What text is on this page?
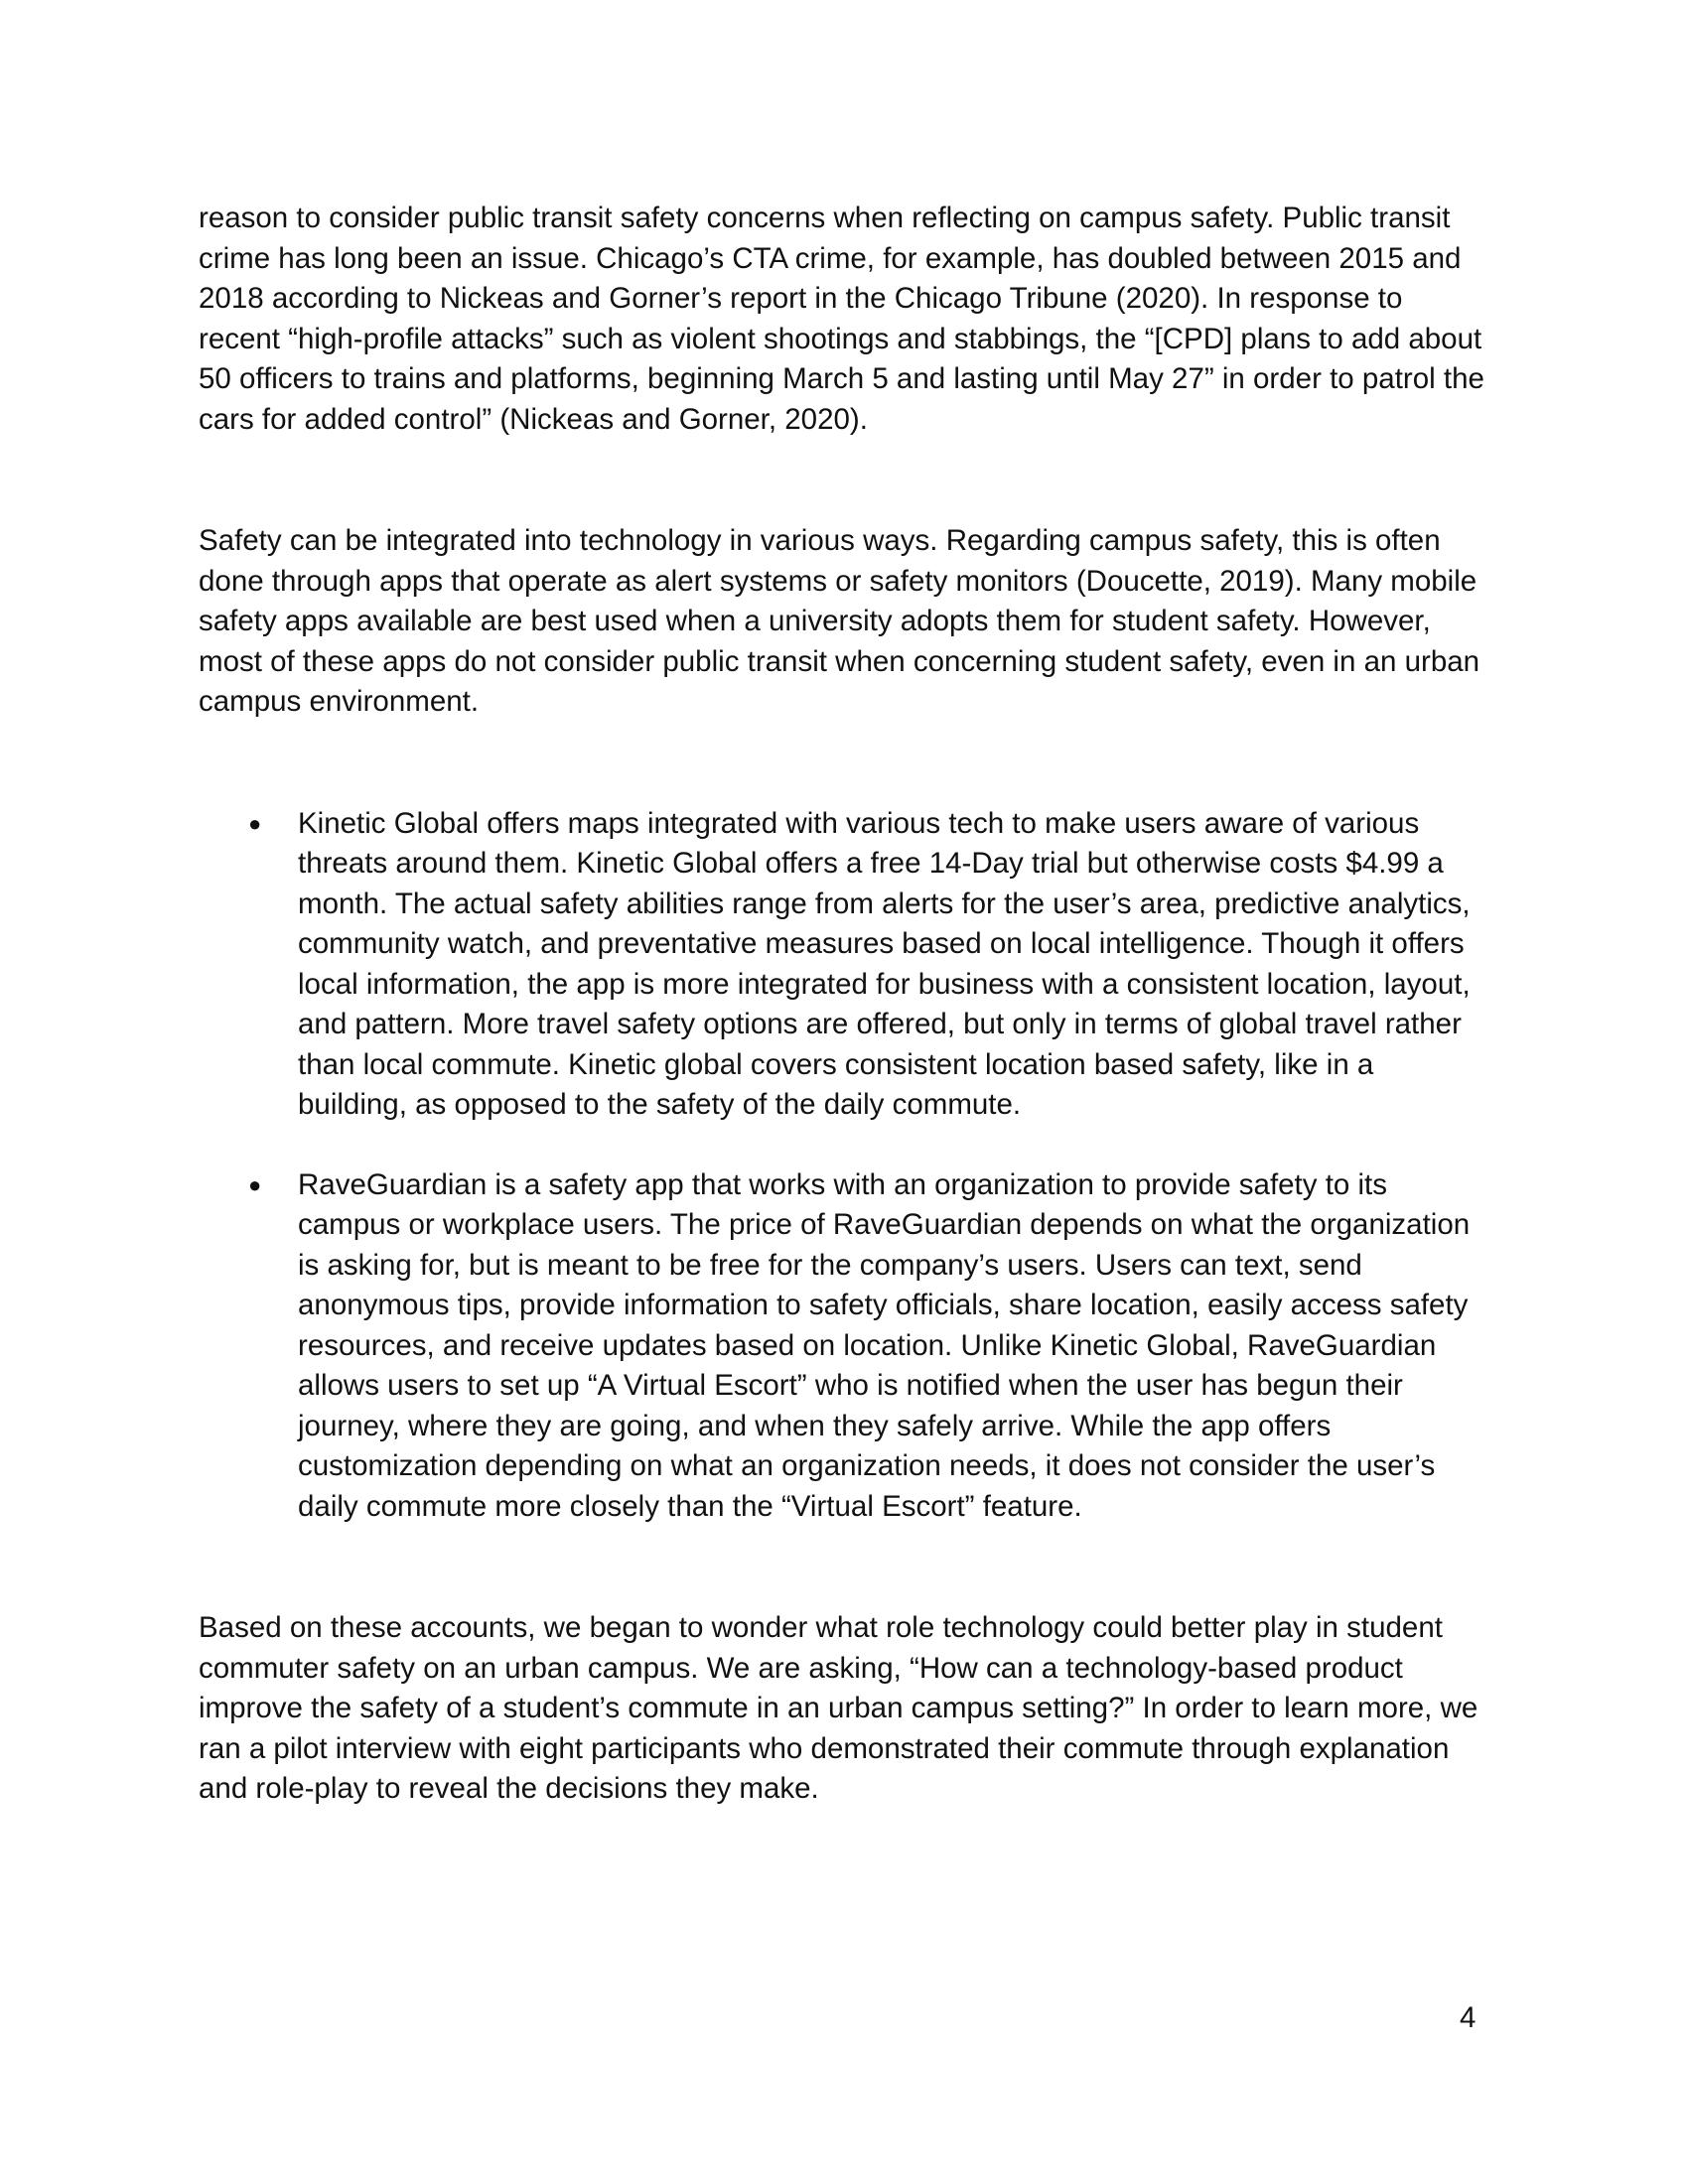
reason to consider public transit safety concerns when reflecting on campus safety. Public transit crime has long been an issue. Chicago’s CTA crime, for example, has doubled between 2015 and 2018 according to Nickeas and Gorner’s report in the Chicago Tribune (2020). In response to recent “high-profile attacks” such as violent shootings and stabbings, the “[CPD] plans to add about 50 officers to trains and platforms, beginning March 5 and lasting until May 27” in order to patrol the cars for added control” (Nickeas and Gorner, 2020).

Safety can be integrated into technology in various ways. Regarding campus safety, this is often done through apps that operate as alert systems or safety monitors (Doucette, 2019). Many mobile safety apps available are best used when a university adopts them for student safety. However, most of these apps do not consider public transit when concerning student safety, even in an urban campus environment.

● Kinetic Global offers maps integrated with various tech to make users aware of various threats around them. Kinetic Global offers a free 14-Day trial but otherwise costs $4.99 a month. The actual safety abilities range from alerts for the user’s area, predictive analytics, community watch, and preventative measures based on local intelligence. Though it offers local information, the app is more integrated for business with a consistent location, layout, and pattern. More travel safety options are offered, but only in terms of global travel rather than local commute. Kinetic global covers consistent location based safety, like in a building, as opposed to the safety of the daily commute.
● RaveGuardian is a safety app that works with an organization to provide safety to its campus or workplace users. The price of RaveGuardian depends on what the organization is asking for, but is meant to be free for the company’s users. Users can text, send anonymous tips, provide information to safety officials, share location, easily access safety resources, and receive updates based on location. Unlike Kinetic Global, RaveGuardian allows users to set up “A Virtual Escort” who is notified when the user has begun their journey, where they are going, and when they safely arrive. While the app offers customization depending on what an organization needs, it does not consider the user’s daily commute more closely than the “Virtual Escort” feature.

Based on these accounts, we began to wonder what role technology could better play in student commuter safety on an urban campus. We are asking, “How can a technology-based product improve the safety of a student’s commute in an urban campus setting?” In order to learn more, we ran a pilot interview with eight participants who demonstrated their commute through explanation and role-play to reveal the decisions they make.

4
